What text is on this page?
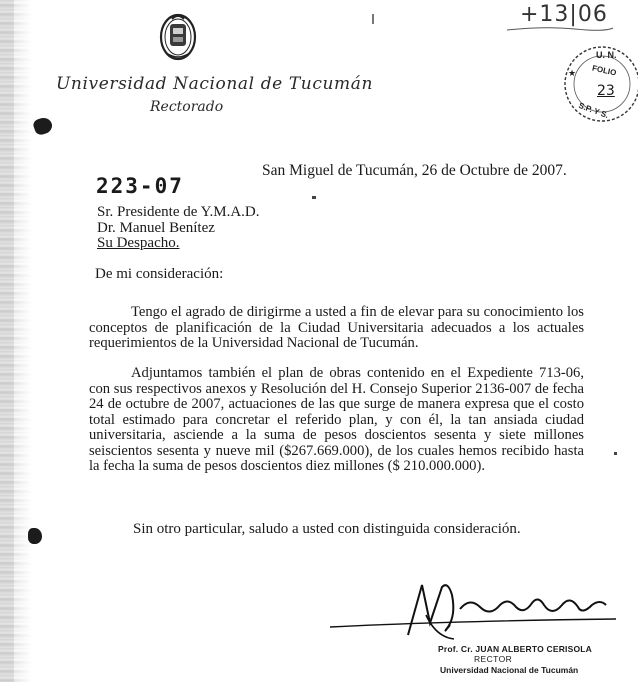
+13|06
Universidad Nacional de Tucumán
Rectorado
★
U. N.
FOLIO
23
S.P. Y S.
San Miguel de Tucumán, 26 de Octubre de 2007.
223-07
Sr. Presidente de Y.M.A.D.
Dr. Manuel Benítez
Su Despacho.
De mi consideración:
Tengo el agrado de dirigirme a usted a fin de elevar para su conocimiento los conceptos de planificación de la Ciudad Universitaria adecuados a los actuales requerimientos de la Universidad Nacional de Tucumán.
Adjuntamos también el plan de obras contenido en el Expediente 713-06, con sus respectivos anexos y Resolución del H. Consejo Superior 2136-007 de fecha 24 de octubre de 2007, actuaciones de las que surge de manera expresa que el costo total estimado para concretar el referido plan, y con él, la tan ansiada ciudad universitaria, asciende a la suma de pesos doscientos sesenta y siete millones seiscientos sesenta y nueve mil ($267.669.000), de los cuales hemos recibido hasta la fecha la suma de pesos doscientos diez millones ($ 210.000.000).
Sin otro particular, saludo a usted con distinguida consideración.
Prof. Cr. JUAN ALBERTO CERISOLA
RECTOR
Universidad Nacional de Tucumán
